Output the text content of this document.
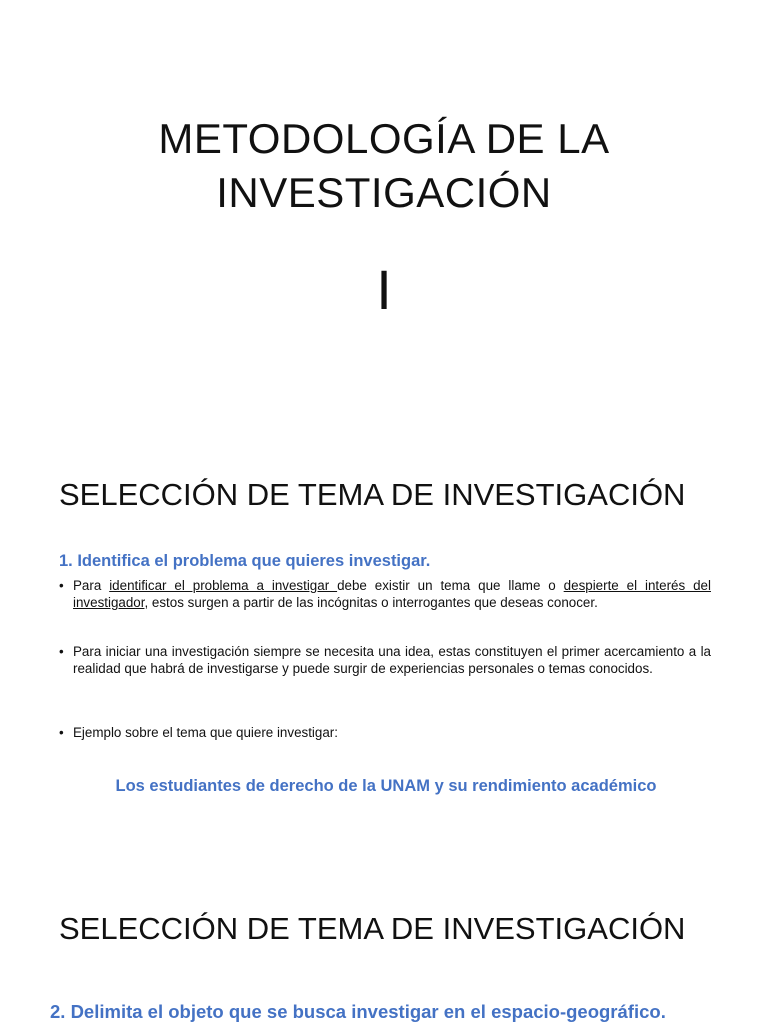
METODOLOGÍA DE LA
INVESTIGACIÓN
I
SELECCIÓN DE TEMA DE INVESTIGACIÓN
1. Identifica el problema que quieres investigar.
• Para identificar el problema a investigar debe existir un tema que llame o despierte el interés del investigador, estos surgen a partir de las incógnitas o interrogantes que deseas conocer.
• Para iniciar una investigación siempre se necesita una idea, estas constituyen el primer acercamiento a la realidad que habrá de investigarse y puede surgir de experiencias personales o temas conocidos.
• Ejemplo sobre el tema que quiere investigar:
Los estudiantes de derecho de la UNAM y su rendimiento académico
SELECCIÓN DE TEMA DE INVESTIGACIÓN
2. Delimita el objeto que se busca investigar en el espacio-geográfico.
